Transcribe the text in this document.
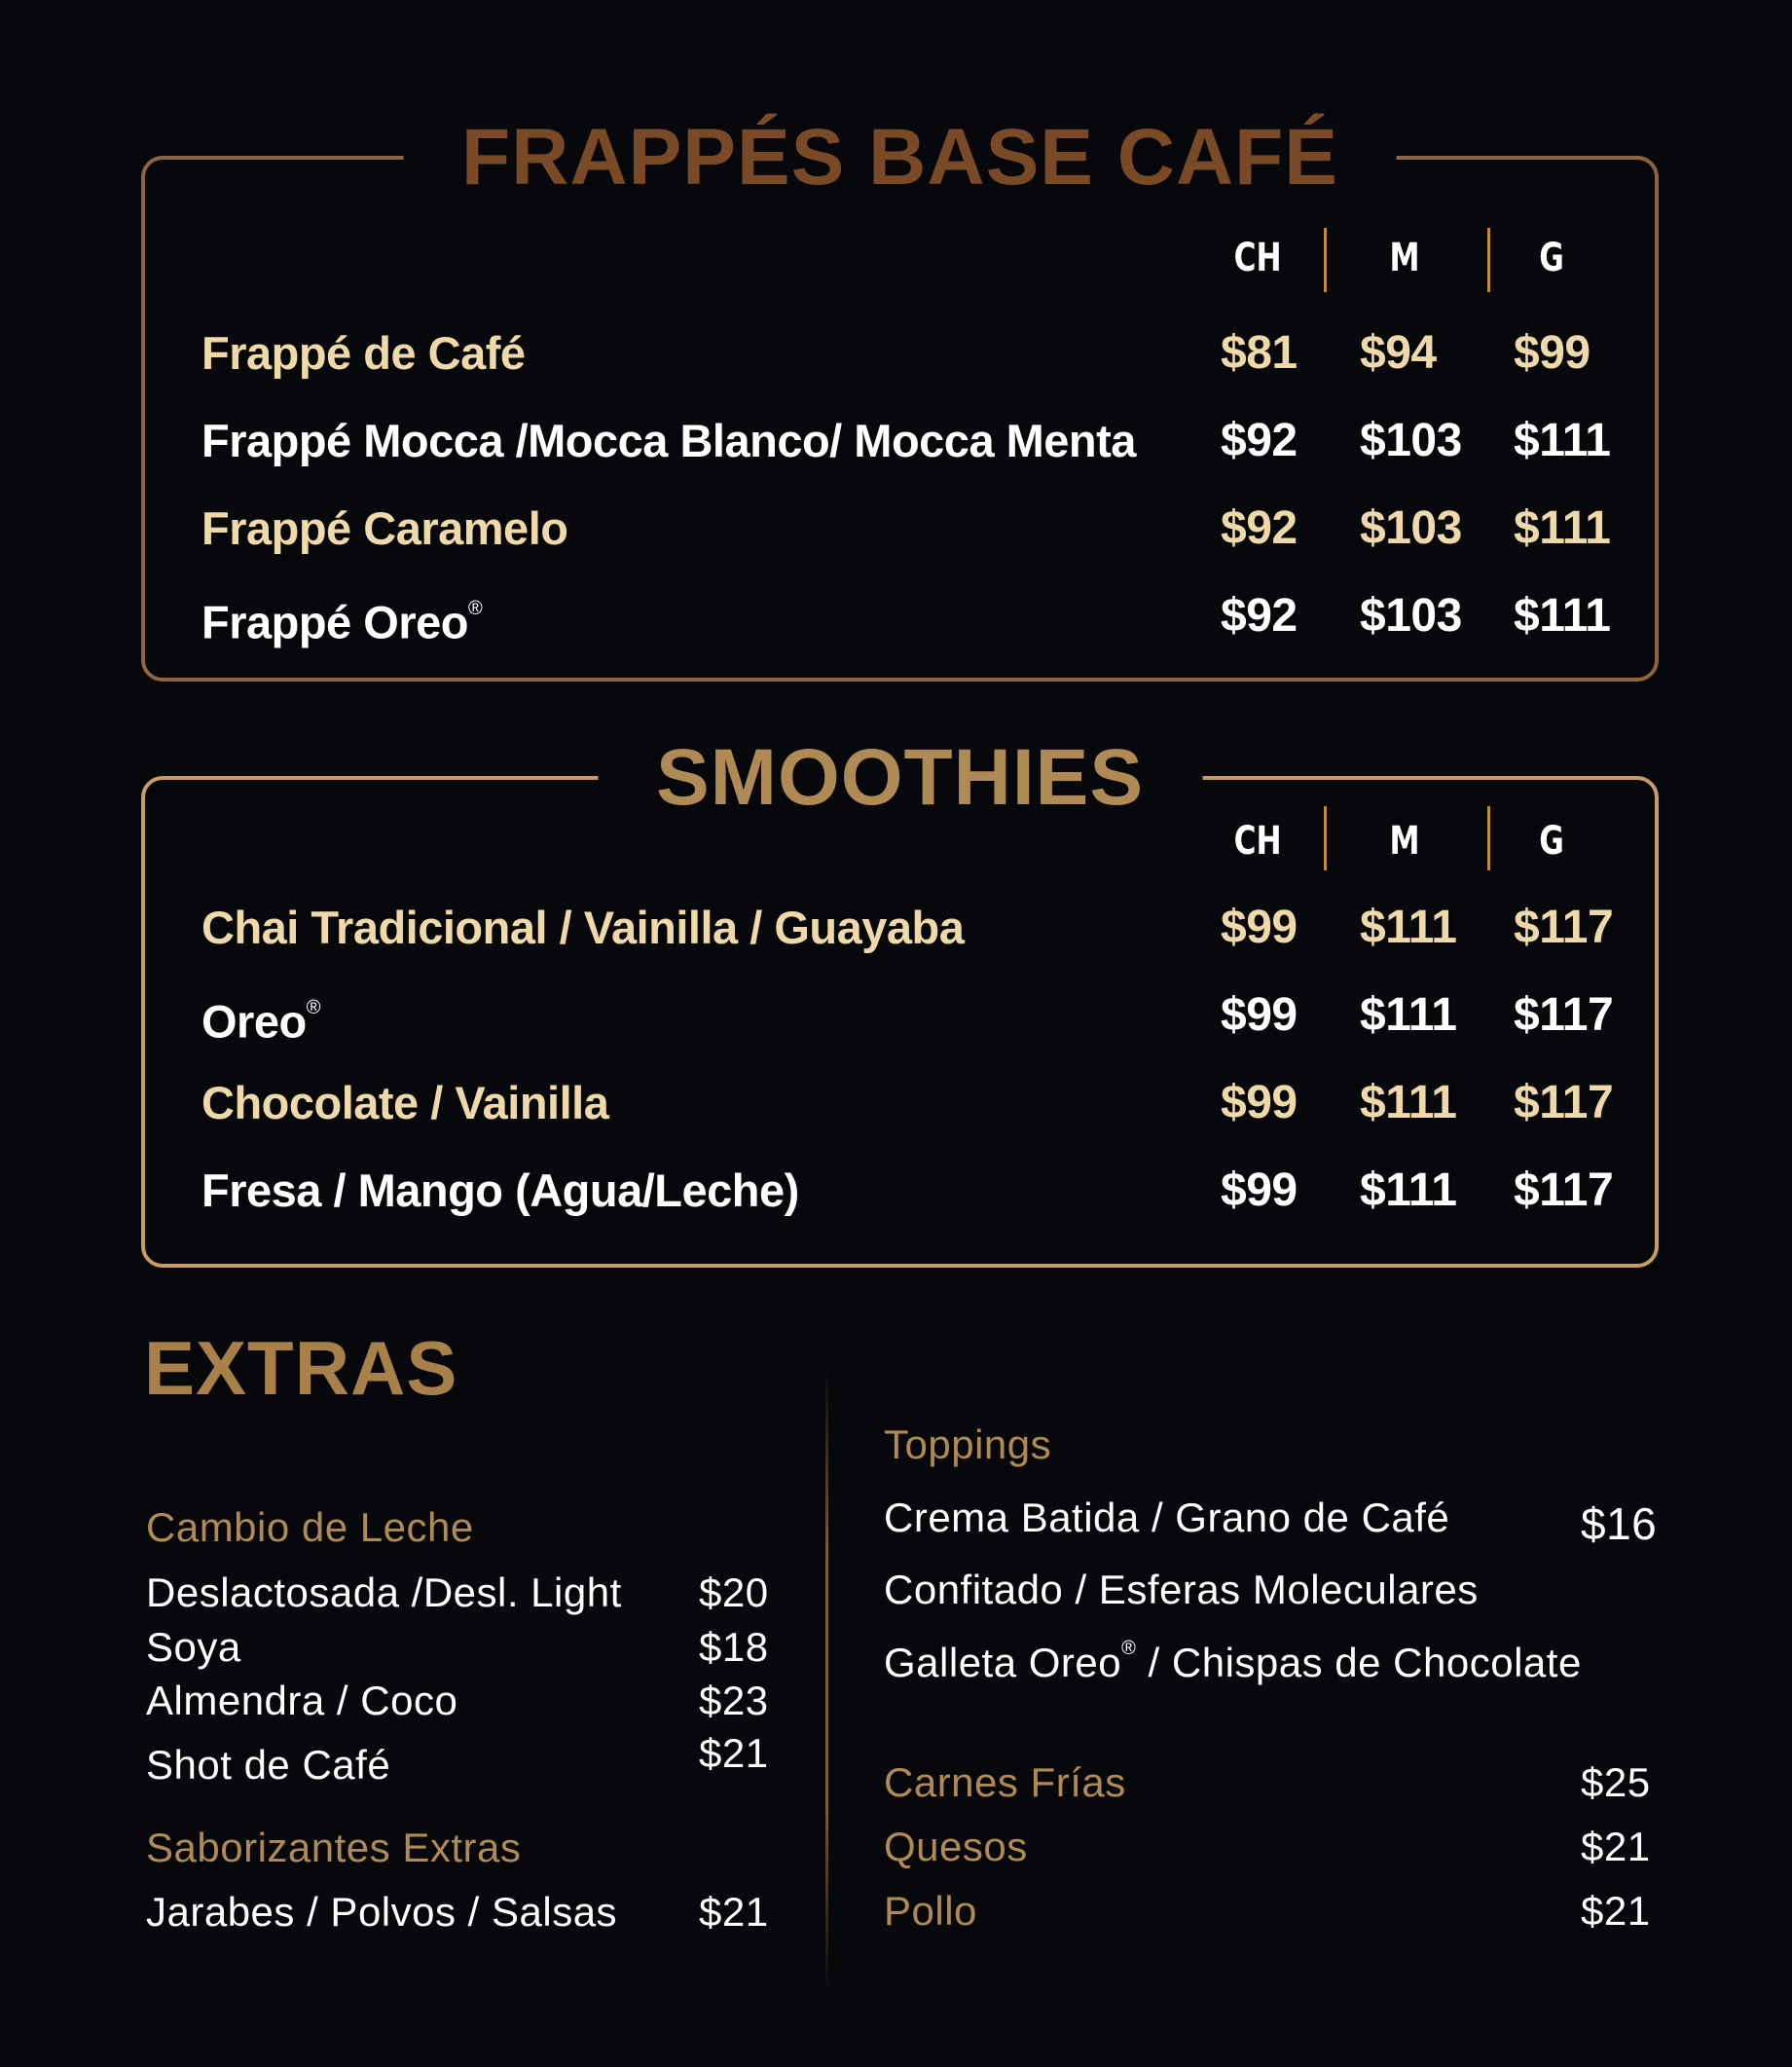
FRAPPÉS BASE CAFÉ
CH	M	G
Frappé de Café	$81 $94 $99
Frappé Mocca /Mocca Blanco/ Mocca Menta $92 $103 $111
Frappé Caramelo	$92 $103 $111
Frappé Oreo®	$92 $103 $111
SMOOTHIES
CH	M	G
Chai Tradicional / Vainilla / Guayaba	$99 $111 $117
Oreo®	$99 $111 $117
Chocolate / Vainilla	$99 $111 $117
Fresa / Mango (Agua/Leche)	$99 $111 $117
EXTRAS
Cambio de Leche
Deslactosada /Desl. Light $20
Soya	$18
Almendra / Coco	$23
Shot de Café	$21
Saborizantes Extras
Jarabes / Polvos / Salsas $21
Toppings
Crema Batida / Grano de Café	$16
Confitado / Esferas Moleculares
Galleta Oreo® / Chispas de Chocolate
Carnes Frías	$25
Quesos	$21
Pollo	$21
